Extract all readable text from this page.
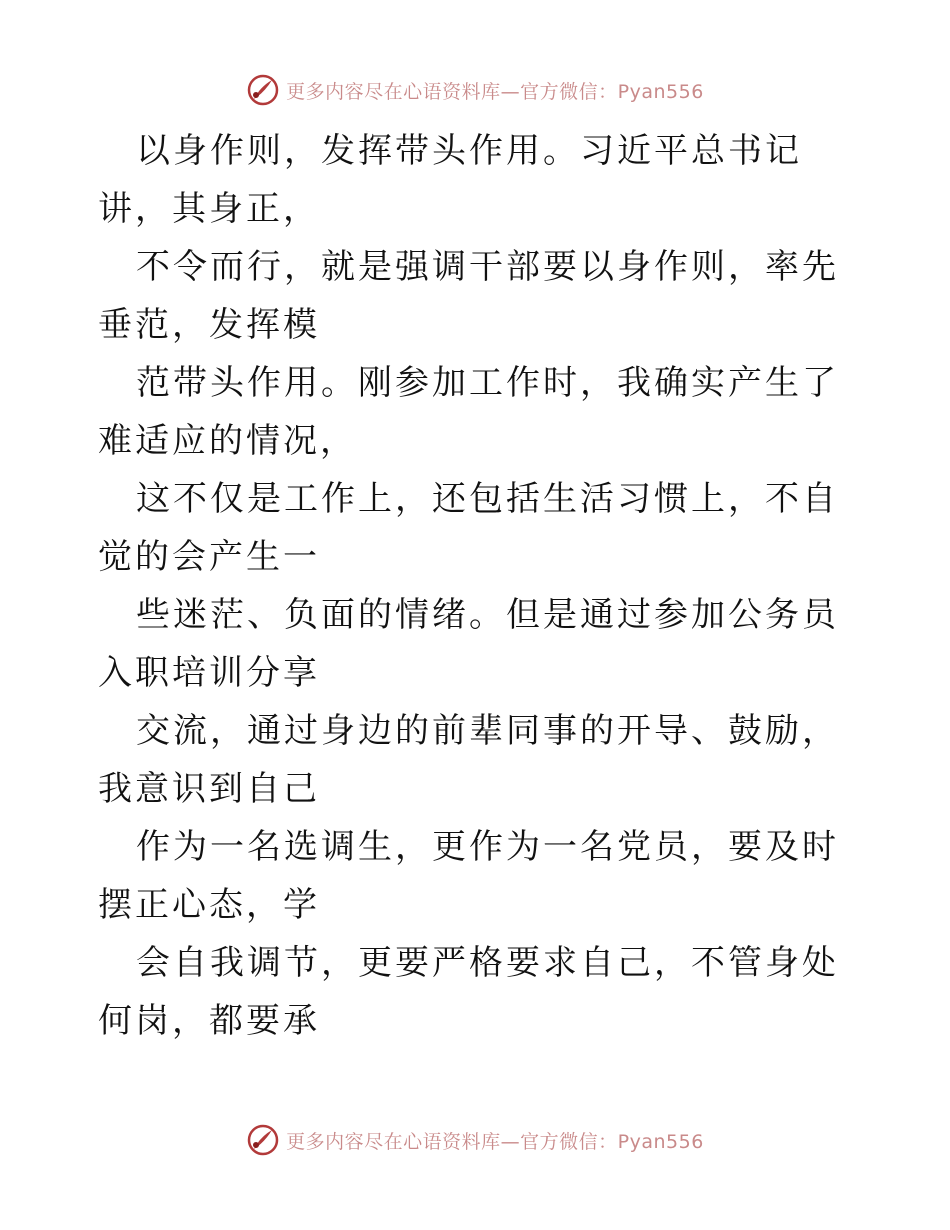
更多内容尽在心语资料库—官方微信：Pyan556

以身作则，发挥带头作用。习近平总书记讲，其身正，

不令而行，就是强调干部要以身作则，率先垂范，发挥模

范带头作用。刚参加工作时，我确实产生了难适应的情况，

这不仅是工作上，还包括生活习惯上，不自觉的会产生一

些迷茫、负面的情绪。但是通过参加公务员入职培训分享

交流，通过身边的前辈同事的开导、鼓励，我意识到自己

作为一名选调生，更作为一名党员，要及时摆正心态，学

会自我调节，更要严格要求自己，不管身处何岗，都要承

更多内容尽在心语资料库—官方微信：Pyan556
